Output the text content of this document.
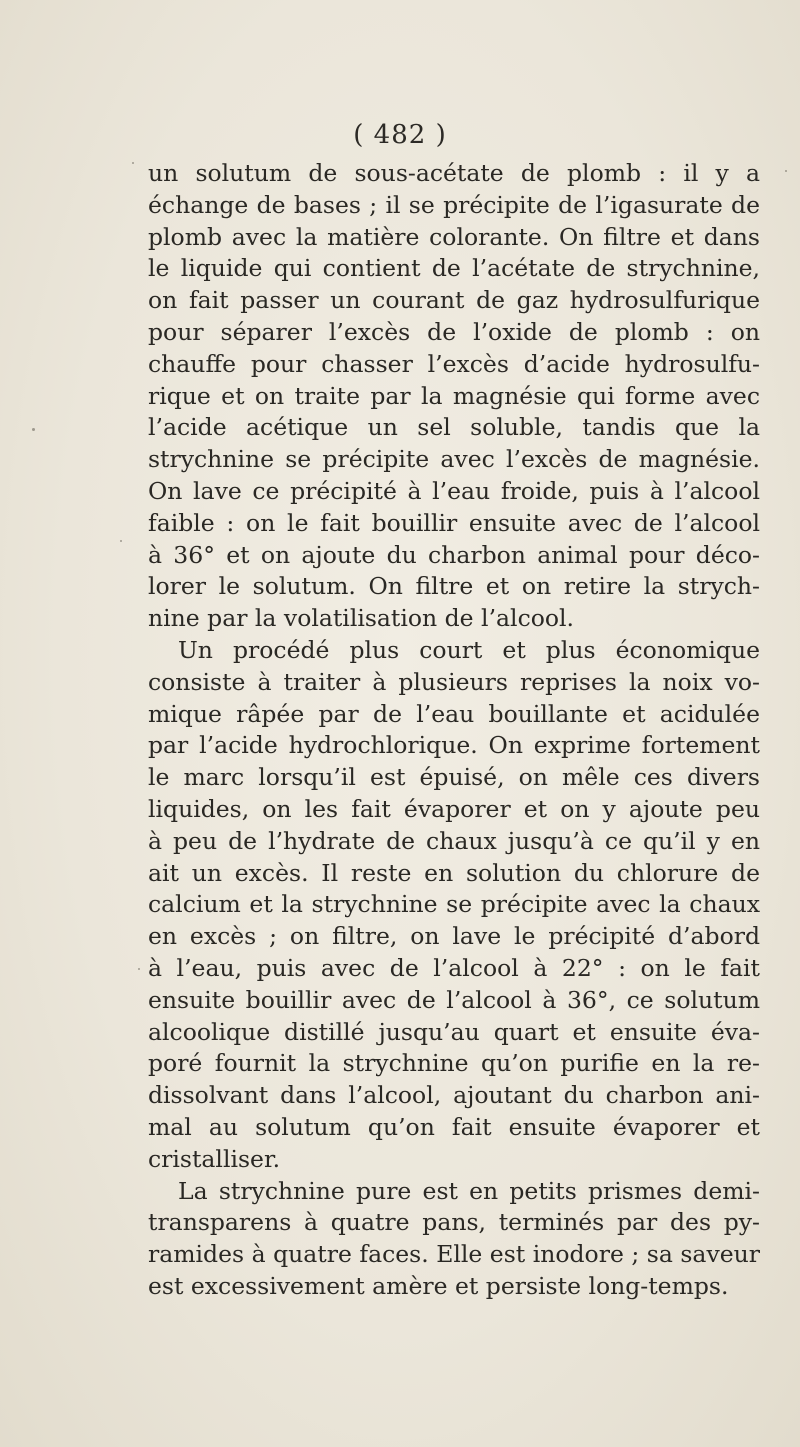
( 482 )

un solutum de sous-acétate de plomb : il y a
échange de bases ; il se précipite de l’igasurate de
plomb avec la matière colorante. On filtre et dans
le liquide qui contient de l’acétate de strychnine,
on fait passer un courant de gaz hydrosulfurique
pour séparer l’excès de l’oxide de plomb : on
chauffe pour chasser l’excès d’acide hydrosulfu-
rique et on traite par la magnésie qui forme avec
l’acide acétique un sel soluble, tandis que la
strychnine se précipite avec l’excès de magnésie.
On lave ce précipité à l’eau froide, puis à l’alcool
faible : on le fait bouillir ensuite avec de l’alcool
à 36° et on ajoute du charbon animal pour déco-
lorer le solutum. On filtre et on retire la strych-
nine par la volatilisation de l’alcool.

Un procédé plus court et plus économique
consiste à traiter à plusieurs reprises la noix vo-
mique râpée par de l’eau bouillante et acidulée
par l’acide hydrochlorique. On exprime fortement
le marc lorsqu’il est épuisé, on mêle ces divers
liquides, on les fait évaporer et on y ajoute peu
à peu de l’hydrate de chaux jusqu’à ce qu’il y en
ait un excès. Il reste en solution du chlorure de
calcium et la strychnine se précipite avec la chaux
en excès ; on filtre, on lave le précipité d’abord
à l’eau, puis avec de l’alcool à 22° : on le fait
ensuite bouillir avec de l’alcool à 36°, ce solutum
alcoolique distillé jusqu’au quart et ensuite éva-
poré fournit la strychnine qu’on purifie en la re-
dissolvant dans l’alcool, ajoutant du charbon ani-
mal au solutum qu’on fait ensuite évaporer et
cristalliser.

La strychnine pure est en petits prismes demi-
transparens à quatre pans, terminés par des py-
ramides à quatre faces. Elle est inodore ; sa saveur
est excessivement amère et persiste long-temps.
